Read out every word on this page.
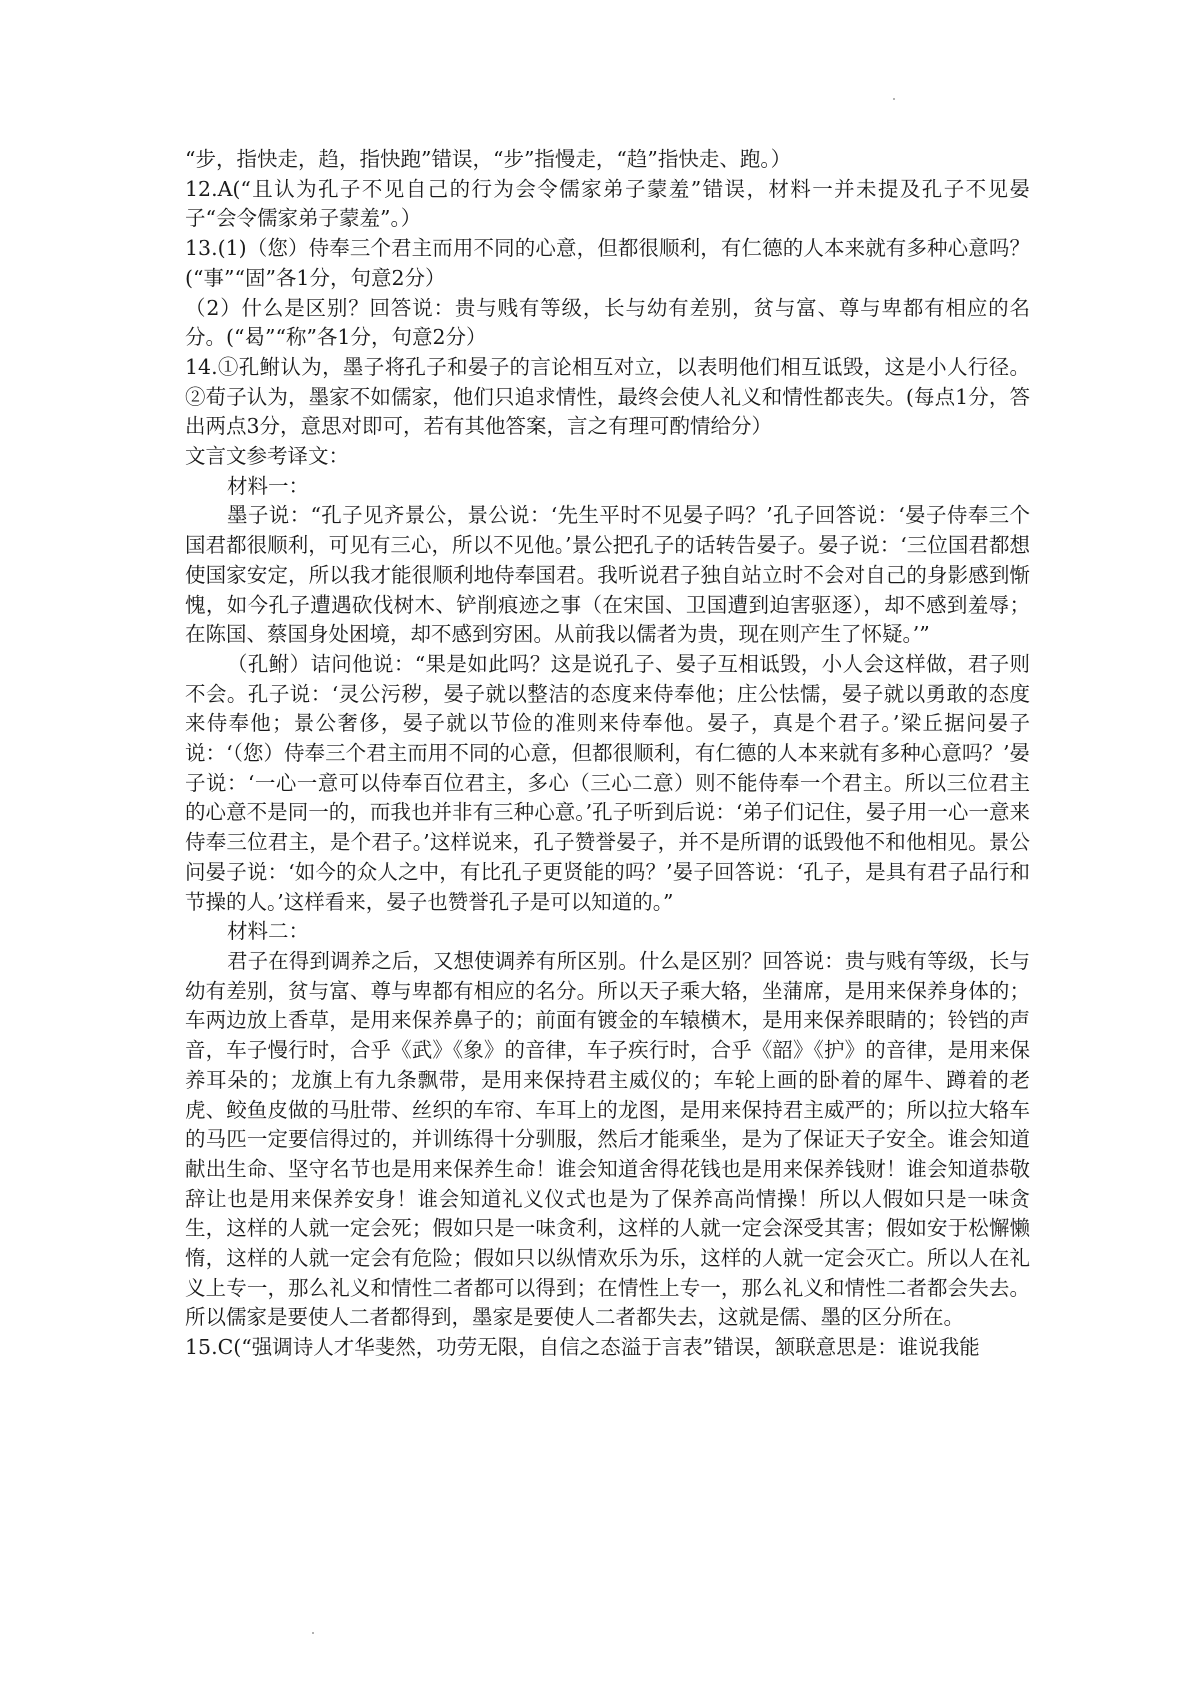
“步，指快走，趋，指快跑”错误，“步”指慢走，“趋”指快走、跑。）

12.A(“且认为孔子不见自己的行为会令儒家弟子蒙羞”错误，材料一并未提及孔子不见晏子“会令儒家弟子蒙羞”。）

13.(1)（您）侍奉三个君主而用不同的心意，但都很顺利，有仁德的人本来就有多种心意吗？(“事”“固”各1分，句意2分）

（2）什么是区别？回答说：贵与贱有等级，长与幼有差别，贫与富、尊与卑都有相应的名分。(“曷”“称”各1分，句意2分）

14.①孔鲋认为，墨子将孔子和晏子的言论相互对立，以表明他们相互诋毁，这是小人行径。②荀子认为，墨家不如儒家，他们只追求情性，最终会使人礼义和情性都丧失。(每点1分，答出两点3分，意思对即可，若有其他答案，言之有理可酌情给分）

文言文参考译文：

材料一：

墨子说：“孔子见齐景公，景公说：‘先生平时不见晏子吗？’孔子回答说：‘晏子侍奉三个国君都很顺利，可见有三心，所以不见他。’景公把孔子的话转告晏子。晏子说：‘三位国君都想使国家安定，所以我才能很顺利地侍奉国君。我听说君子独自站立时不会对自己的身影感到惭愧，如今孔子遭遇砍伐树木、铲削痕迹之事（在宋国、卫国遭到迫害驱逐），却不感到羞辱；在陈国、蔡国身处困境，却不感到穷困。从前我以儒者为贵，现在则产生了怀疑。’”

（孔鲋）诘问他说：“果是如此吗？这是说孔子、晏子互相诋毁，小人会这样做，君子则不会。孔子说：‘灵公污秽，晏子就以整洁的态度来侍奉他；庄公怯懦，晏子就以勇敢的态度来侍奉他；景公奢侈，晏子就以节俭的准则来侍奉他。晏子，真是个君子。’梁丘据问晏子说：‘（您）侍奉三个君主而用不同的心意，但都很顺利，有仁德的人本来就有多种心意吗？’晏子说：‘一心一意可以侍奉百位君主，多心（三心二意）则不能侍奉一个君主。所以三位君主的心意不是同一的，而我也并非有三种心意。’孔子听到后说：‘弟子们记住，晏子用一心一意来侍奉三位君主，是个君子。’这样说来，孔子赞誉晏子，并不是所谓的诋毁他不和他相见。景公问晏子说：‘如今的众人之中，有比孔子更贤能的吗？’晏子回答说：‘孔子，是具有君子品行和节操的人。’这样看来，晏子也赞誉孔子是可以知道的。”

材料二：

君子在得到调养之后，又想使调养有所区别。什么是区别？回答说：贵与贱有等级，长与幼有差别，贫与富、尊与卑都有相应的名分。所以天子乘大辂，坐蒲席，是用来保养身体的；车两边放上香草，是用来保养鼻子的；前面有镀金的车辕横木，是用来保养眼睛的；铃铛的声音，车子慢行时，合乎《武》《象》的音律，车子疾行时，合乎《韶》《护》的音律，是用来保养耳朵的；龙旗上有九条飘带，是用来保持君主威仪的；车轮上画的卧着的犀牛、蹲着的老虎、鲛鱼皮做的马肚带、丝织的车帘、车耳上的龙图，是用来保持君主威严的；所以拉大辂车的马匹一定要信得过的，并训练得十分驯服，然后才能乘坐，是为了保证天子安全。谁会知道献出生命、坚守名节也是用来保养生命！谁会知道舍得花钱也是用来保养钱财！谁会知道恭敬辞让也是用来保养安身！谁会知道礼义仪式也是为了保养高尚情操！所以人假如只是一味贪生，这样的人就一定会死；假如只是一味贪利，这样的人就一定会深受其害；假如安于松懈懒惰，这样的人就一定会有危险；假如只以纵情欢乐为乐，这样的人就一定会灭亡。所以人在礼义上专一，那么礼义和情性二者都可以得到；在情性上专一，那么礼义和情性二者都会失去。所以儒家是要使人二者都得到，墨家是要使人二者都失去，这就是儒、墨的区分所在。

15.C(“强调诗人才华斐然，功劳无限，自信之态溢于言表”错误，颔联意思是：谁说我能
